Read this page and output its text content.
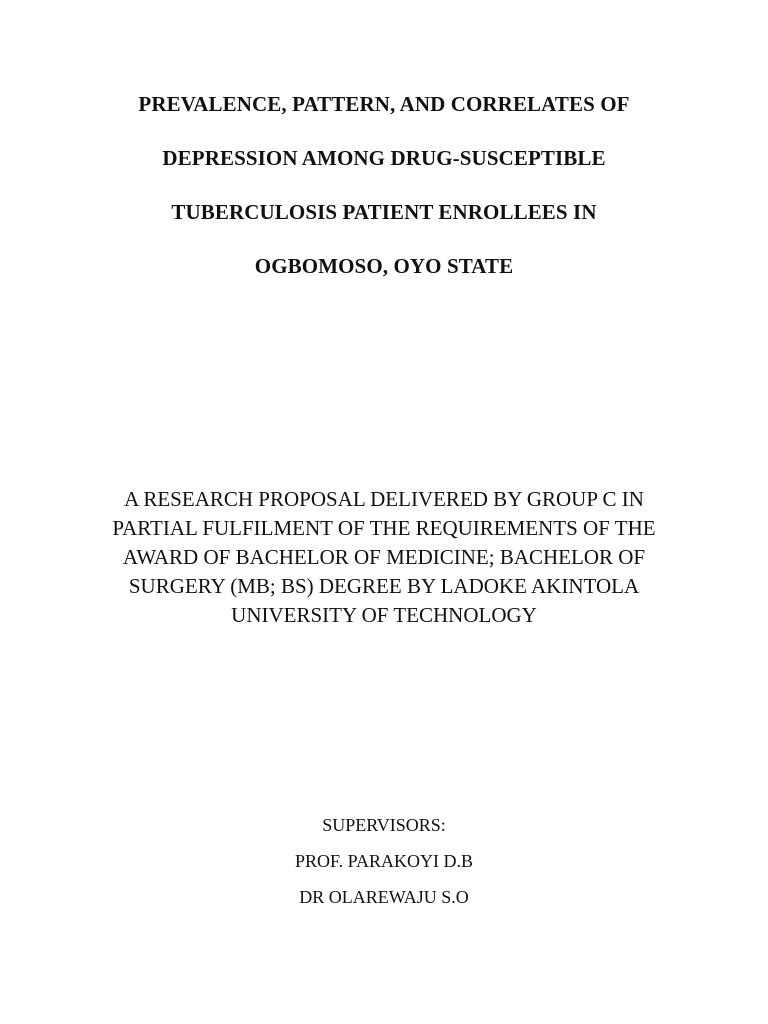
PREVALENCE, PATTERN, AND CORRELATES OF
DEPRESSION AMONG DRUG-SUSCEPTIBLE
TUBERCULOSIS PATIENT ENROLLEES IN
OGBOMOSO, OYO STATE
A RESEARCH PROPOSAL DELIVERED BY GROUP C IN
PARTIAL FULFILMENT OF THE REQUIREMENTS OF THE
AWARD OF BACHELOR OF MEDICINE; BACHELOR OF
SURGERY (MB; BS) DEGREE BY LADOKE AKINTOLA
UNIVERSITY OF TECHNOLOGY
SUPERVISORS:
PROF. PARAKOYI D.B
DR OLAREWAJU S.O
